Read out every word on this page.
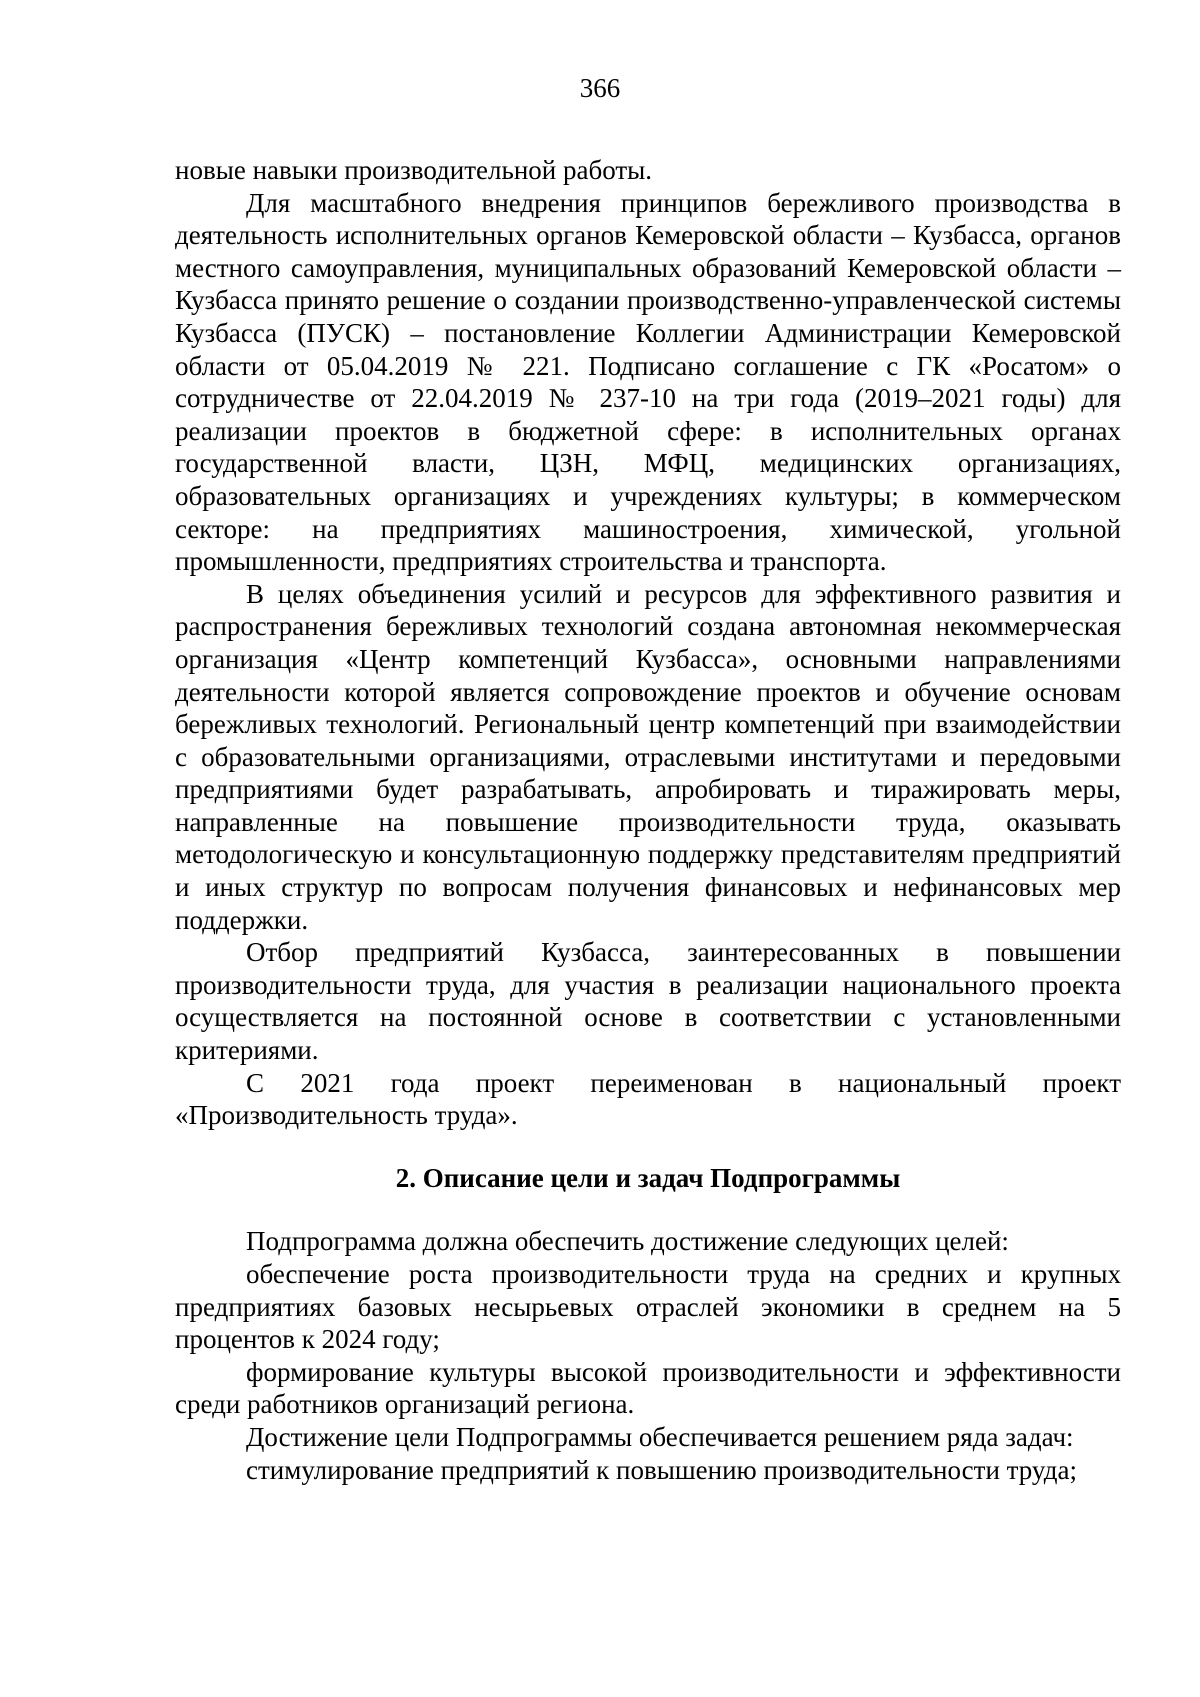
366

новые навыки производительной работы.

Для масштабного внедрения принципов бережливого производства в деятельность исполнительных органов Кемеровской области – Кузбасса, органов местного самоуправления, муниципальных образований Кемеровской области – Кузбасса принято решение о создании производственно-управленческой системы Кузбасса (ПУСК) – постановление Коллегии Администрации Кемеровской области от 05.04.2019 № 221. Подписано соглашение с ГК «Росатом» о сотрудничестве от 22.04.2019 № 237-10 на три года (2019–2021 годы) для реализации проектов в бюджетной сфере: в исполнительных органах государственной власти, ЦЗН, МФЦ, медицинских организациях, образовательных организациях и учреждениях культуры; в коммерческом секторе: на предприятиях машиностроения, химической, угольной промышленности, предприятиях строительства и транспорта.

В целях объединения усилий и ресурсов для эффективного развития и распространения бережливых технологий создана автономная некоммерческая организация «Центр компетенций Кузбасса», основными направлениями деятельности которой является сопровождение проектов и обучение основам бережливых технологий. Региональный центр компетенций при взаимодействии с образовательными организациями, отраслевыми институтами и передовыми предприятиями будет разрабатывать, апробировать и тиражировать меры, направленные на повышение производительности труда, оказывать методологическую и консультационную поддержку представителям предприятий и иных структур по вопросам получения финансовых и нефинансовых мер поддержки.

Отбор предприятий Кузбасса, заинтересованных в повышении производительности труда, для участия в реализации национального проекта осуществляется на постоянной основе в соответствии с установленными критериями.

С 2021 года проект переименован в национальный проект «Производительность труда».

2. Описание цели и задач Подпрограммы

Подпрограмма должна обеспечить достижение следующих целей:

обеспечение роста производительности труда на средних и крупных предприятиях базовых несырьевых отраслей экономики в среднем на 5 процентов к 2024 году;

формирование культуры высокой производительности и эффективности среди работников организаций региона.

Достижение цели Подпрограммы обеспечивается решением ряда задач:

стимулирование предприятий к повышению производительности труда;
